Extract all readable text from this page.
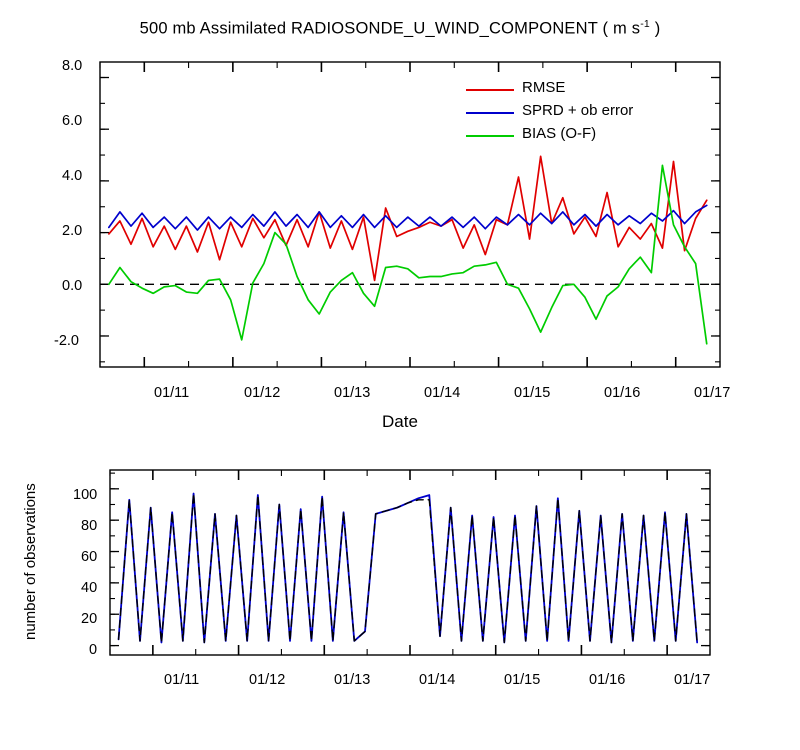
500 mb Assimilated RADIOSONDE_U_WIND_COMPONENT ( m $s^{-1}$ )
Date
8.0
6.0
4.0
2.0
0.0
-2.0
01/11	01/12	01/13	01/14	01/15	01/16	01/17
RMSE
SPRD + ob error
BIAS (O-F)
number of observations 100
80
60
40
20
0
01/11	01/12	01/13	01/14	01/15	01/16	01/17
